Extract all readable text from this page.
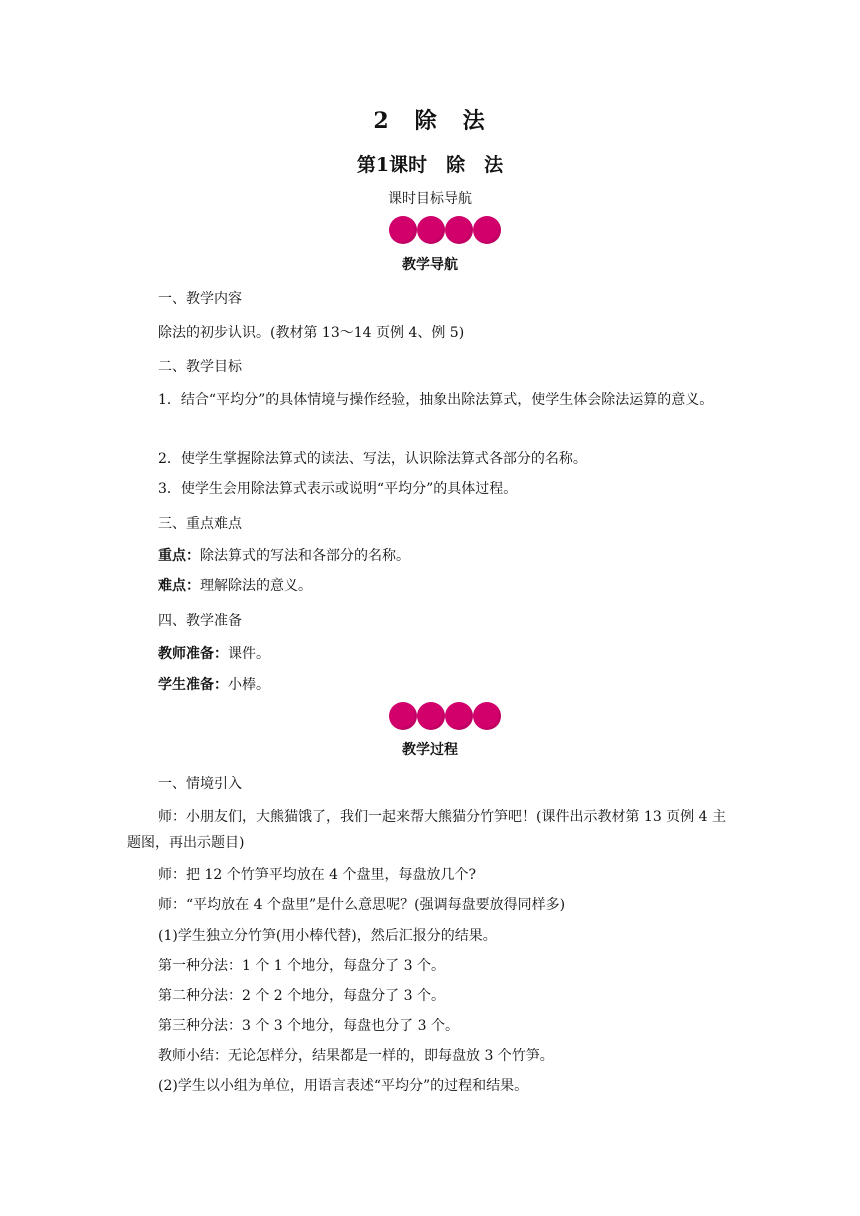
2　除　法
第1课时　除　法
课时目标导航
教学导航
一、教学内容
除法的初步认识。(教材第 13～14 页例 4、例 5)
二、教学目标
1．结合“平均分”的具体情境与操作经验，抽象出除法算式，使学生体会除法运算的意义。
2．使学生掌握除法算式的读法、写法，认识除法算式各部分的名称。
3．使学生会用除法算式表示或说明“平均分”的具体过程。
三、重点难点
重点：除法算式的写法和各部分的名称。
难点：理解除法的意义。
四、教学准备
教师准备：课件。
学生准备：小棒。
教学过程
一、情境引入
师：小朋友们，大熊猫饿了，我们一起来帮大熊猫分竹笋吧！(课件出示教材第 13 页例 4 主题图，再出示题目)
师：把 12 个竹笋平均放在 4 个盘里，每盘放几个?
师：“平均放在 4 个盘里”是什么意思呢？(强调每盘要放得同样多)
(1)学生独立分竹笋(用小棒代替)，然后汇报分的结果。
第一种分法：1 个 1 个地分，每盘分了 3 个。
第二种分法：2 个 2 个地分，每盘分了 3 个。
第三种分法：3 个 3 个地分，每盘也分了 3 个。
教师小结：无论怎样分，结果都是一样的，即每盘放 3 个竹笋。
(2)学生以小组为单位，用语言表述“平均分”的过程和结果。
